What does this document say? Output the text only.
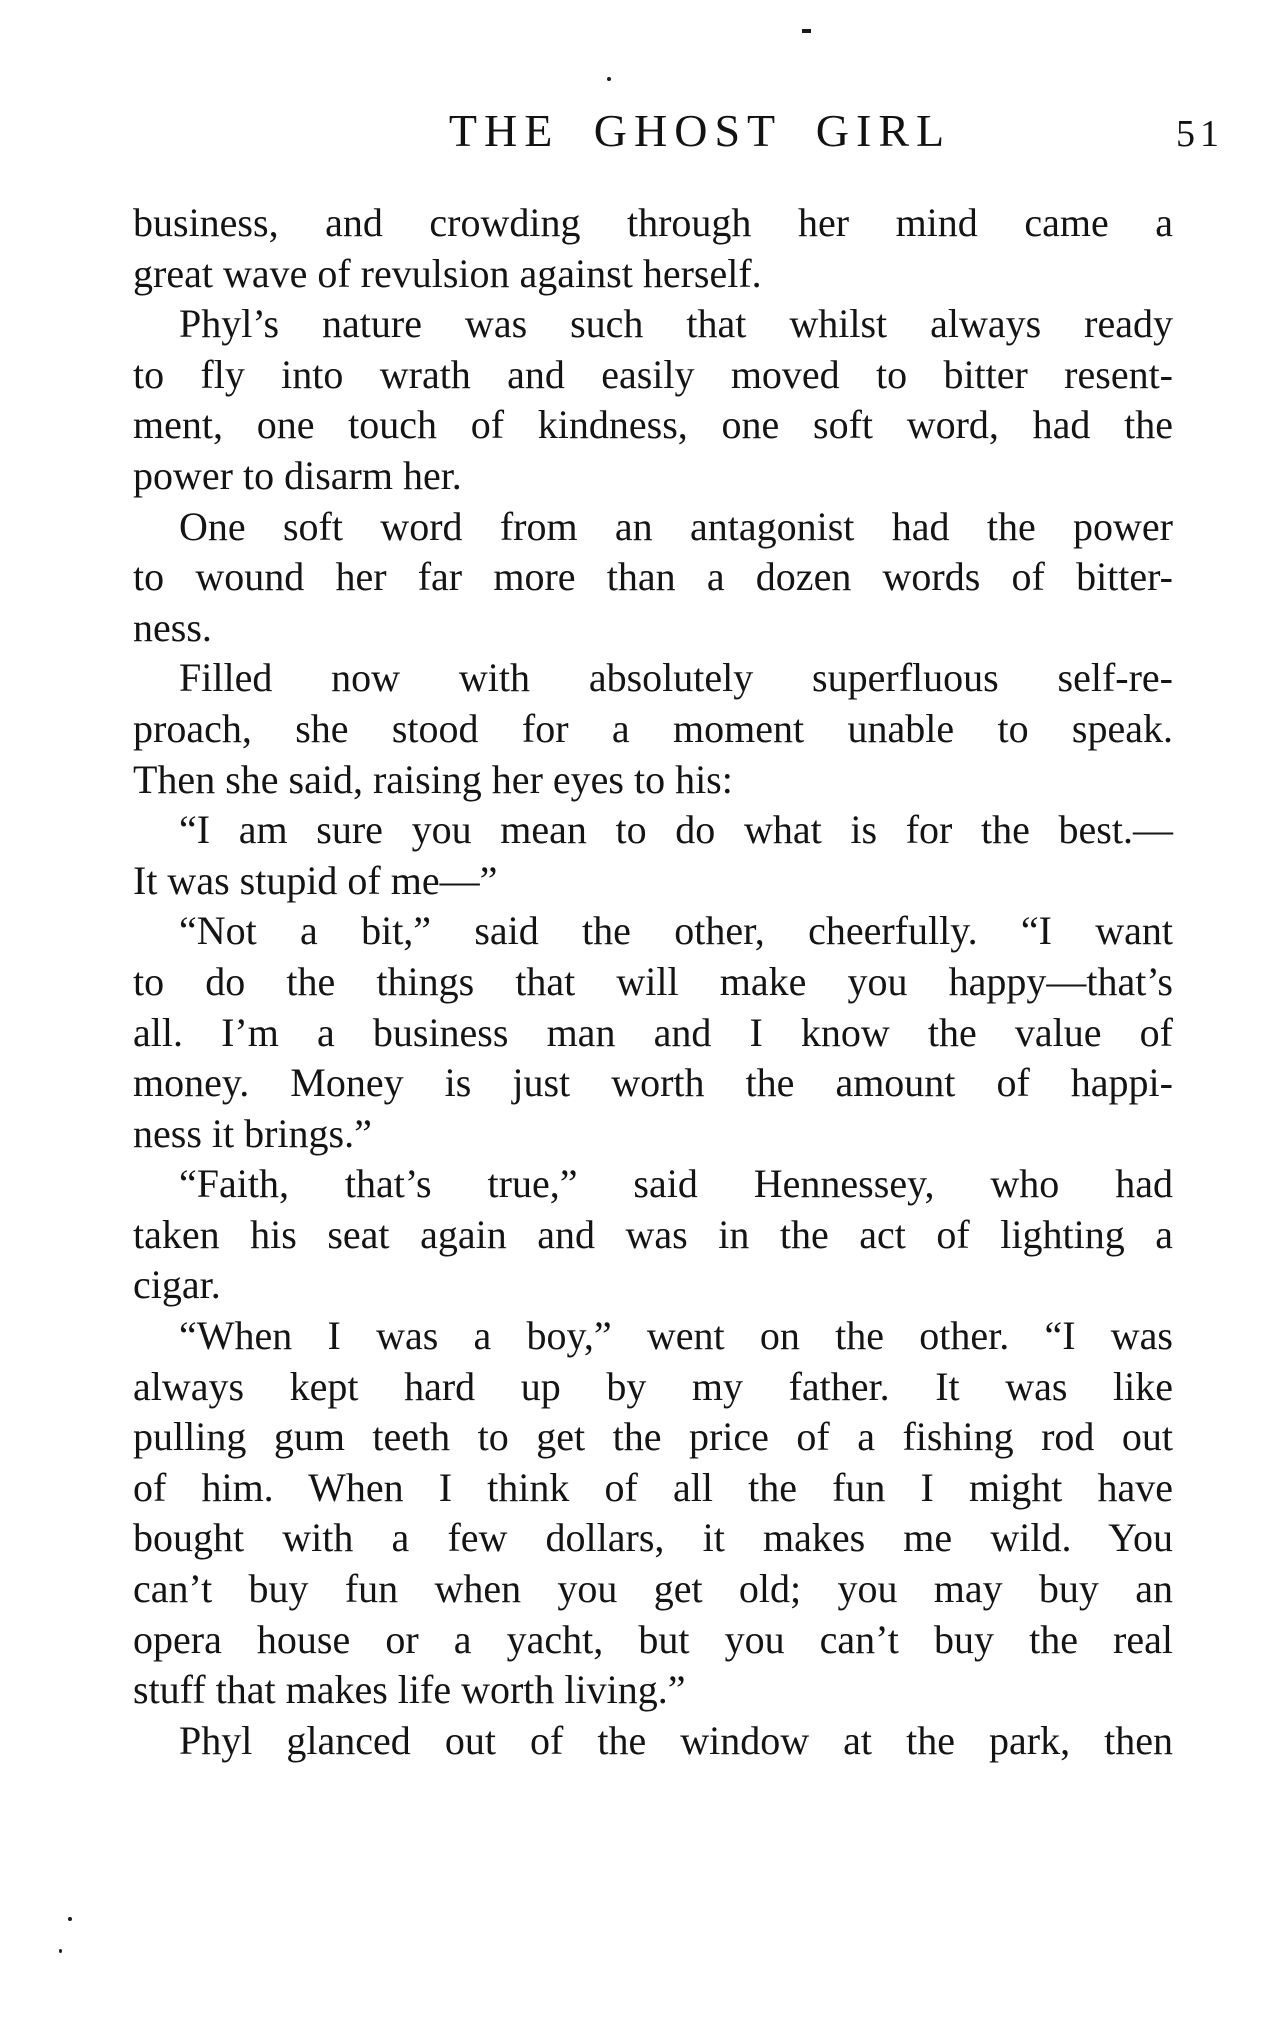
THE GHOST GIRL	51
business, and crowding through her mind came a
great wave of revulsion against herself.
Phyl’s nature was such that whilst always ready
to fly into wrath and easily moved to bitter resent-
ment, one touch of kindness, one soft word, had the
power to disarm her.
One soft word from an antagonist had the power
to wound her far more than a dozen words of bitter-
ness.
Filled now with absolutely superfluous self-re-
proach, she stood for a moment unable to speak.
Then she said, raising her eyes to his:
“I am sure you mean to do what is for the best.—
It was stupid of me—”
“Not a bit,” said the other, cheerfully. “I want
to do the things that will make you happy—that’s
all. I’m a business man and I know the value of
money. Money is just worth the amount of happi-
ness it brings.”
“Faith, that’s true,” said Hennessey, who had
taken his seat again and was in the act of lighting a
cigar.
“When I was a boy,” went on the other. “I was
always kept hard up by my father. It was like
pulling gum teeth to get the price of a fishing rod out
of him. When I think of all the fun I might have
bought with a few dollars, it makes me wild. You
can’t buy fun when you get old; you may buy an
opera house or a yacht, but you can’t buy the real
stuff that makes life worth living.”
Phyl glanced out of the window at the park, then
